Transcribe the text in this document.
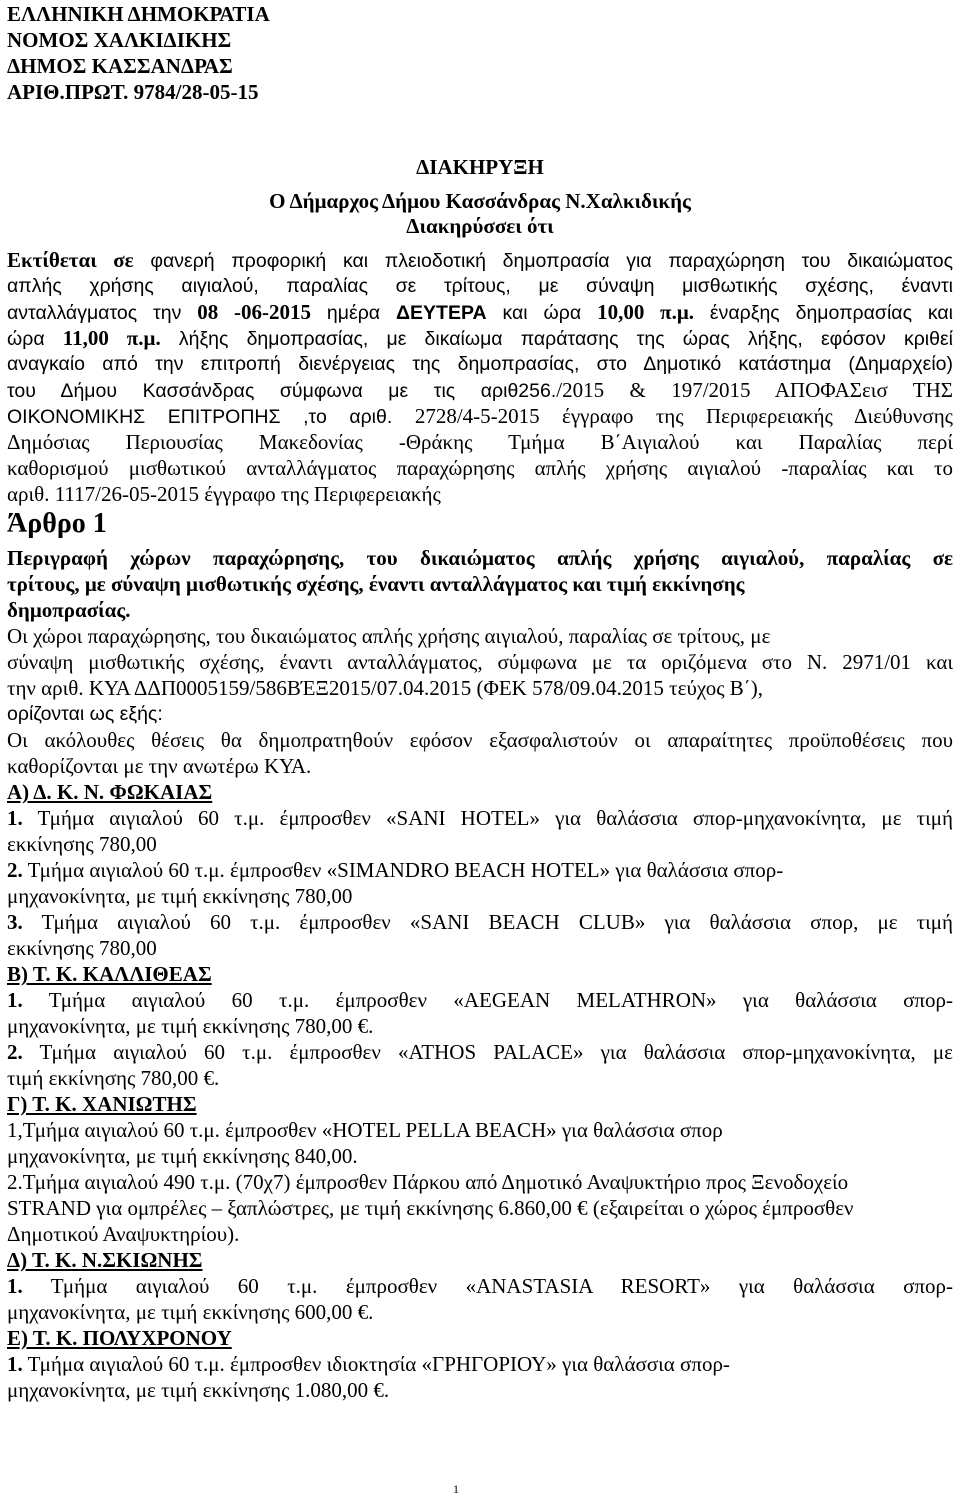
ΕΛΛΗΝΙΚΗ ΔΗΜΟΚΡΑΤΙΑ
ΝΟΜΟΣ ΧΑΛΚΙΔΙΚΗΣ
ΔΗΜΟΣ ΚΑΣΣΑΝΔΡΑΣ
ΑΡΙΘ.ΠΡΩΤ. 9784/28-05-15
ΔΙΑΚΗΡΥΞΗ
Ο Δήμαρχος Δήμου Κασσάνδρας Ν.Χαλκιδικής
Διακηρύσσει ότι
Εκτίθεται σε φανερή προφορική και πλειοδοτική δημοπρασία για παραχώρηση του δικαιώματος
απλής χρήσης αιγιαλού, παραλίας σε τρίτους, με σύναψη μισθωτικής σχέσης, έναντι
ανταλλάγματος την 08 -06-2015 ημέρα ΔΕΥΤΕΡΑ και ώρα 10,00 π.μ. έναρξης δημοπρασίας και
ώρα 11,00 π.μ. λήξης δημοπρασίας, με δικαίωμα παράτασης της ώρας λήξης, εφόσον κριθεί
αναγκαίο από την επιτροπή διενέργειας της δημοπρασίας, στο Δημοτικό κατάστημα (Δημαρχείο)
του Δήμου Κασσάνδρας σύμφωνα με τις αριθ256./2015 & 197/2015 ΑΠΟΦΑΣεισ ΤΗΣ
ΟΙΚΟΝΟΜΙΚΗΣ ΕΠΙΤΡΟΠΗΣ ,το αριθ. 2728/4-5-2015 έγγραφο της Περιφερειακής Διεύθυνσης
Δημόσιας Περιουσίας Μακεδονίας -Θράκης Τμήμα Β΄Αιγιαλού και Παραλίας περί
καθορισμού μισθωτικού ανταλλάγματος παραχώρησης απλής χρήσης αιγιαλού -παραλίας και το
αριθ. 1117/26-05-2015 έγγραφο της Περιφερειακής
Άρθρο 1
Περιγραφή χώρων παραχώρησης, του δικαιώματος απλής χρήσης αιγιαλού, παραλίας σε
τρίτους, με σύναψη μισθωτικής σχέσης, έναντι ανταλλάγματος και τιμή εκκίνησης
δημοπρασίας.
Οι χώροι παραχώρησης, του δικαιώματος απλής χρήσης αιγιαλού, παραλίας σε τρίτους, με
σύναψη μισθωτικής σχέσης, έναντι ανταλλάγματος, σύμφωνα με τα οριζόμενα στο Ν. 2971/01 και
την αριθ. ΚΥΑ ΔΔΠ0005159/586ΒΈΞ2015/07.04.2015 (ΦΕΚ 578/09.04.2015 τεύχος Β΄),
ορίζονται ως εξής:
Οι ακόλουθες θέσεις θα δημοπρατηθούν εφόσον εξασφαλιστούν οι απαραίτητες προϋποθέσεις που
καθορίζονται με την ανωτέρω ΚΥΑ.
Α) Δ. Κ. Ν. ΦΩΚΑΙΑΣ
1. Τμήμα αιγιαλού 60 τ.μ. έμπροσθεν «SANI HOTEL» για θαλάσσια σπορ-μηχανοκίνητα, με τιμή
εκκίνησης 780,00
2. Τμήμα αιγιαλού 60 τ.μ. έμπροσθεν «SIMANDRO BEACH HOTEL» για θαλάσσια σπορ-
μηχανοκίνητα, με τιμή εκκίνησης 780,00
3. Τμήμα αιγιαλού 60 τ.μ. έμπροσθεν «SANI BEACH CLUB» για θαλάσσια σπορ, με τιμή
εκκίνησης 780,00
Β) Τ. Κ. ΚΑΛΛΙΘΕΑΣ
1. Τμήμα αιγιαλού 60 τ.μ. έμπροσθεν «AEGEAN MELATHRON» για θαλάσσια σπορ-
μηχανοκίνητα, με τιμή εκκίνησης 780,00 €.
2. Τμήμα αιγιαλού 60 τ.μ. έμπροσθεν «ATHOS PALACE» για θαλάσσια σπορ-μηχανοκίνητα, με
τιμή εκκίνησης 780,00 €.
Γ) Τ. Κ. ΧΑΝΙΩΤΗΣ
1,Τμήμα αιγιαλού 60 τ.μ. έμπροσθεν «HOTEL PELLA BEACH» για θαλάσσια σπορ
μηχανοκίνητα, με τιμή εκκίνησης 840,00.
2.Τμήμα αιγιαλού 490 τ.μ. (70χ7) έμπροσθεν Πάρκου από Δημοτικό Αναψυκτήριο προς Ξενοδοχείο
STRAND για ομπρέλες – ξαπλώστρες, με τιμή εκκίνησης 6.860,00 € (εξαιρείται ο χώρος έμπροσθεν
Δημοτικού Αναψυκτηρίου).
Δ) Τ. Κ. Ν.ΣΚΙΩΝΗΣ
1. Τμήμα αιγιαλού 60 τ.μ. έμπροσθεν «ANASTASIA RESORT» για θαλάσσια σπορ-
μηχανοκίνητα, με τιμή εκκίνησης 600,00 €.
Ε) Τ. Κ. ΠΟΛΥΧΡΟΝΟΥ
1. Τμήμα αιγιαλού 60 τ.μ. έμπροσθεν ιδιοκτησία «ΓΡΗΓΟΡΙΟΥ» για θαλάσσια σπορ-
μηχανοκίνητα, με τιμή εκκίνησης 1.080,00 €.
1
